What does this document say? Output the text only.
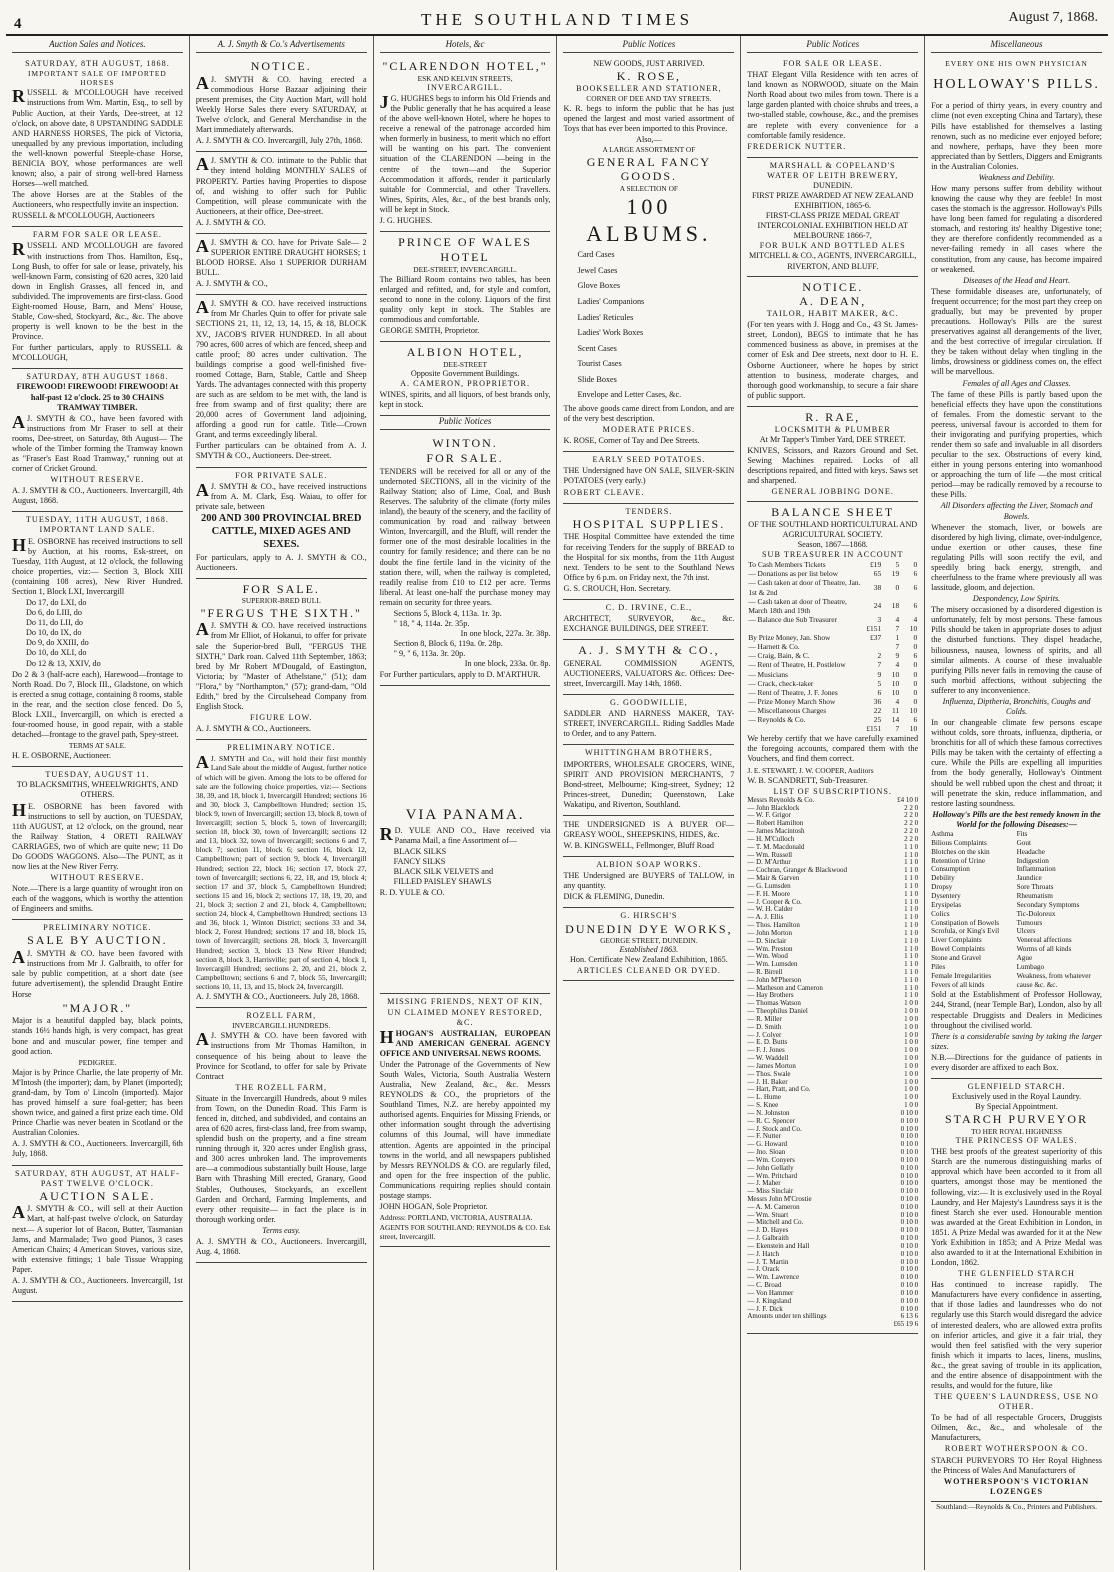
4	THE SOUTHLAND TIMES	August 7, 1868.
Auction Sales and Notices.
SATURDAY, 8TH AUGUST, 1868.
IMPORTANT SALE OF IMPORTED HORSES

RUSSELL & M'COLLOUGH have received instructions from Wm. Martin, Esq., to sell by Public Auction, at their Yards, Dee-street, at 12 o'clock, on above date, 8 UPSTANDING SADDLE AND HARNESS HORSES, The pick of Victoria, unequalled by any previous importation, including the well-known powerful Steeple-chase Horse, BENICIA BOY, whose performances are well known; also, a pair of strong well-bred Harness Horses—well matched.

The above Horses are at the Stables of the Auctioneers, who respectfully invite an inspection.

RUSSELL & M'COLLOUGH, Auctioneers

FARM FOR SALE OR LEASE.

RUSSELL AND M'COLLOUGH are favored with instructions from Thos. Hamilton, Esq., Long Bush, to offer for sale or lease, privately, his well-known Farm, consisting of 620 acres, 320 laid down in English Grasses, all fenced in, and subdivided. The improvements are first-class. Good Eight-roomed House, Barn, and Mens' House, Stable, Cow-shed, Stockyard, &c., &c. The above property is well known to be the best in the Province.

For further particulars, apply to RUSSELL & M'COLLOUGH,

SATURDAY, 8TH AUGUST 1868.
FIREWOOD! FIREWOOD! FIREWOOD! At half-past 12 o'clock. 25 to 30 CHAINS TRAMWAY TIMBER.

A J. SMYTH & CO., have been favored with instructions from Mr Fraser to sell at their rooms, Dee-street, on Saturday, 8th August— The whole of the Timber forming the Tramway known as "Fraser's East Road Tramway," running out at corner of Cricket Ground.

WITHOUT RESERVE.

A. J. SMYTH & CO., Auctioneers. Invercargill, 4th August, 1868.

TUESDAY, 11TH AUGUST, 1868.
IMPORTANT LAND SALE.

H E. OSBORNE has received instructions to sell by Auction, at his rooms, Esk-street, on Tuesday, 11th August, at 12 o'clock, the following choice properties, viz:— Section 3, Block XIII (containing 108 acres), New River Hundred. Section 1, Block LXI, Invercargill

Do 17, do LXI, do
Do 6, do LIII, do
Do 11, do LII, do
Do 10, do IX, do
Do 9, do XXIII, do
Do 10, do XLI, do
Do 12 & 13, XXIV, do

Do 2 & 3 (half-acre each), Harewood—frontage to North Road. Do 7, Block III., Gladstone, on which is erected a snug cottage, containing 8 rooms, stable in the rear, and the section close fenced. Do 5, Block LXII., Invercargill, on which is erected a four-roomed house, in good repair, with a stable detached—frontage to the gravel path, Spey-street.

TERMS AT SALE.

H. E. OSBORNE, Auctioneer.

TUESDAY, AUGUST 11.
TO BLACKSMITHS, WHEELWRIGHTS, AND OTHERS.

H E. OSBORNE has been favored with instructions to sell by auction, on TUESDAY, 11th AUGUST, at 12 o'clock, on the ground, near the Railway Station, 4 ORETI RAILWAY CARRIAGES, two of which are quite new; 11 Do Do GOODS WAGGONS. Also—The PUNT, as it now lies at the New River Ferry.

WITHOUT RESERVE.

Note.—There is a large quantity of wrought iron on each of the waggons, which is worthy the attention of Engineers and smiths.

PRELIMINARY NOTICE.
SALE BY AUCTION.

A J. SMYTH & CO. have been favored with instructions from Mr J. Galbraith, to offer for sale by public competition, at a short date (see future advertisement), the splendid Draught Entire Horse

"MAJOR."

Major is a beautiful dappled bay, black points, stands 16½ hands high, is very compact, has great bone and and muscular power, fine temper and good action.

PEDIGREE.

Major is by Prince Charlie, the late property of Mr. M'Intosh (the importer); dam, by Planet (imported); grand-dam, by Tom o' Lincoln (imported). Major has proved himself a sure foal-getter; has been shown twice, and gained a first prize each time. Old Prince Charlie was never beaten in Scotland or the Australian Colonies.

A. J. SMYTH & CO., Auctioneers. Invercargill, 6th July, 1868.

SATURDAY, 8TH AUGUST, AT HALF-PAST TWELVE O'CLOCK.
AUCTION SALE.

A J. SMYTH & CO., will sell at their Auction Mart, at half-past twelve o'clock, on Saturday next— A superior lot of Bacon, Butter, Tasmanian Jams, and Marmalade; Two good Pianos, 3 cases American Chairs; 4 American Stoves, various size, with extensive fittings; 1 bale Tissue Wrapping Paper.

A. J. SMYTH & CO., Auctioneers. Invercargill, 1st August.

A. J. Smyth & Co.'s Advertisements
NOTICE.

A J. SMYTH & CO. having erected a commodious Horse Bazaar adjoining their present premises, the City Auction Mart, will hold Weekly Horse Sales there every SATURDAY, at Twelve o'clock, and General Merchandise in the Mart immediately afterwards.

A. J. SMYTH & CO. Invercargill, July 27th, 1868.

A J. SMYTH & CO. intimate to the Public that they intend holding MONTHLY SALES of PROPERTY. Parties having Properties to dispose of, and wishing to offer such for Public Competition, will please communicate with the Auctioneers, at their office, Dee-street.

A. J. SMYTH & CO.

A J. SMYTH & CO. have for Private Sale— 2 SUPERIOR ENTIRE DRAUGHT HORSES; 1 BLOOD HORSE. Also 1 SUPERIOR DURHAM BULL.

A. J. SMYTH & CO.,

A J. SMYTH & CO. have received instructions from Mr Charles Quin to offer for private sale SECTIONS 21, 11, 12, 13, 14, 15, & 18, BLOCK XV., JACOB'S RIVER HUNDRED. In all about 790 acres, 600 acres of which are fenced, sheep and cattle proof; 80 acres under cultivation. The buildings comprise a good well-finished five-roomed Cottage, Barn, Stable, Cattle and Sheep Yards. The advantages connected with this property are such as are seldom to be met with, the land is free from swamp and of first quality; there are 20,000 acres of Government land adjoining, affording a good run for cattle. Title—Crown Grant, and terms exceedingly liberal.

Further particulars can be obtained from A. J. SMYTH & CO., Auctioneers. Dee-street.

FOR PRIVATE SALE.

A J. SMYTH & CO., have received instructions from A. M. Clark, Esq. Waiau, to offer for private sale, between

200 AND 300 PROVINCIAL BRED CATTLE, MIXED AGES AND SEXES.

For particulars, apply to A. J. SMYTH & CO., Auctioneers.

FOR SALE.
SUPERIOR-BRED BULL
"FERGUS THE SIXTH."

A J. SMYTH & CO. have received instructions from Mr Elliot, of Hokanui, to offer for private sale the Superior-bred Bull, "FERGUS THE SIXTH," Dark roan. Calved 11th September, 1863; bred by Mr Robert M'Dougald, of Eastington, Victoria; by "Master of Athelstane," (51); dam "Flora," by "Northampton," (57); grand-dam, "Old Edith," bred by the Circulsehead Company from English Stock.

FIGURE LOW.

A. J. SMYTH & CO., Auctioneers.

PRELIMINARY NOTICE.

A J. SMYTH and Co., will hold their first monthly Land Sale about the middle of August, further notice of which will be given. Among the lots to be offered for sale are the following choice properties, viz:— Sections 38, 39, and 18, block 1, Invercargill Hundred; sections 16 and 30, block 3, Campbelltown Hundred; section 15, block 9, town of Invercargill; section 13, block 8, town of Invercargill; section 5, block 5, town of Invercargill; section 18, block 30, town of Invercargill; sections 12 and 13, block 32, town of Invercargill; sections 6 and 7, block 7; section 11, block 6; section 16, block 12, Campbelltown; part of section 9, block 4, Invercargill Hundred; section 22, block 16; section 17, block 27, town of Invercargill; sections 6, 22, 18, and 19, block 4; section 17 and 37, block 5, Campbelltown Hundred; sections 15 and 16, block 2; sections 17, 18, 19, 20, and 21, block 3; section 2 and 21, block 4, Campbelltown; section 24, block 4, Campbelltown Hundred; sections 13 and 36, block 1, Winton District; sections 33 and 34, block 2, Forest Hundred; sections 17 and 18, block 15, town of Invercargill; sections 28, block 3, Invercargill Hundred; section 3, block 13 New River Hundred; section 8, block 3, Harrisville; part of section 4, block 1, Invercargill Hundred; sections 2, 20, and 21, block 2, Campbelltown; sections 6 and 7, block 55, Invercargill; sections 10, 11, 13, and 15, block 24, Invercargill.

A. J. SMYTH & CO., Auctioneers. July 28, 1868.

ROZELL FARM,
INVERCARGILL HUNDREDS.

A J. SMYTH & CO. have been favored with instructions from Mr Thomas Hamilton, in consequence of his being about to leave the Province for Scotland, to offer for sale by Private Contract

THE ROZELL FARM,

Situate in the Invercargill Hundreds, about 9 miles from Town, on the Dunedin Road. This Farm is fenced in, ditched, and subdivided, and contains an area of 620 acres, first-class land, free from swamp, splendid bush on the property, and a fine stream running through it, 320 acres under English grass, and 300 acres unbroken land. The improvements are—a commodious substantially built House, large Barn with Thrashing Mill erected, Granary, Good Stables, Outhouses, Stockyards, an excellent Garden and Orchard, Farming Implements, and every other requisite— in fact the place is in thorough working order.

Terms easy.

A. J. SMYTH & CO., Auctioneers. Invercargill, Aug. 4, 1868.

Hotels, &c
"CLARENDON HOTEL,"
ESK AND KELVIN STREETS,
INVERCARGILL.

J G. HUGHES begs to inform his Old Friends and the Public generally that he has acquired a lease of the above well-known Hotel, where he hopes to receive a renewal of the patronage accorded him when formerly in business, to merit which no effort will be wanting on his part. The convenient situation of the CLARENDON —being in the centre of the town—and the Superior Accommodation it affords, render it particularly suitable for Commercial, and other Travellers. Wines, Spirits, Ales, &c., of the best brands only, will be kept in Stock.

J. G. HUGHES.

PRINCE OF WALES HOTEL
DEE-STREET, INVERCARGILL.

The Billiard Room contains two tables, has been enlarged and refitted, and, for style and comfort, second to none in the colony. Liquors of the first quality only kept in stock. The Stables are commodious and comfortable.

GEORGE SMITH, Proprietor.

ALBION HOTEL,
DEE-STREET
Opposite Government Buildings.
A. CAMERON, PROPRIETOR.

WINES, spirits, and all liquors, of best brands only, kept in stock.

Public Notices
WINTON.
FOR SALE.

TENDERS will be received for all or any of the undernoted SECTIONS, all in the vicinity of the Railway Station; also of Lime, Coal, and Bush Reserves. The salubrity of the climate (forty miles inland), the beauty of the scenery, and the facility of communication by road and railway between Winton, Invercargill, and the Bluff, will render the former one of the most desirable localities in the country for family residence; and there can be no doubt the fine fertile land in the vicinity of the station there, will, when the railway is completed, readily realise from £10 to £12 per acre. Terms liberal. At least one-half the purchase money may remain on security for three years.

Sections 5, Block 4, 113a. 1r. 3p.
" 18, " 4, 114a. 2r. 35p.
In one block, 227a. 3r. 38p.
Section 8, Block 6, 119a. 0r. 28p.
" 9, " 6, 113a. 3r. 20p.
In one block, 233a. 0r. 8p.

For Further particulars, apply to D. M'ARTHUR.

VIA PANAMA.

R D. YULE AND CO., Have received via Panama Mail, a fine Assortment of—

BLACK SILKS
FANCY SILKS
BLACK SILK VELVETS and
FILLED PAISLEY SHAWLS

R. D. YULE & CO.

MISSING FRIENDS, NEXT OF KIN, UN CLAIMED MONEY RESTORED, &C.

HHOGAN'S AUSTRALIAN, EUROPEAN AND AMERICAN GENERAL AGENCY OFFICE AND UNIVERSAL NEWS ROOMS.

Under the Patronage of the Governments of New South Wales, Victoria, South Australia Western Australia, New Zealand, &c., &c. Messrs REYNOLDS & CO., the proprietors of the Southland Times, N.Z. are hereby appointed my authorised agents. Enquiries for Missing Friends, or other information sought through the advertising columns of this Journal, will have immediate attention. Agents are appointed in the principal towns in the world, and all newspapers published by Messrs REYNOLDS & CO. are regularly filed, and open for the free inspection of the public. Communications requiring replies should contain postage stamps.

JOHN HOGAN, Sole Proprietor.

Address: PORTLAND, VICTORIA, AUSTRALIA.

AGENTS FOR SOUTHLAND: REYNOLDS & CO. Esk street, Invercargill.

Public Notices
NEW GOODS, JUST ARRIVED.
K. ROSE,
BOOKSELLER AND STATIONER,
CORNER OF DEE AND TAY STREETS.

K. R. begs to inform the public that he has just opened the largest and most varied assortment of Toys that has ever been imported to this Province.

Also,—
A LARGE ASSORTMENT OF
GENERAL FANCY GOODS.
A SELECTION OF
100 ALBUMS.
Card Cases
Jewel Cases
Glove Boxes
Ladies' Companions
Ladies' Reticules
Ladies' Work Boxes
Scent Cases
Tourist Cases
Slide Boxes
Envelope and Letter Cases, &c.

The above goods came direct from London, and are of the very best description.

MODERATE PRICES.

K. ROSE, Corner of Tay and Dee Streets.

EARLY SEED POTATOES.

THE Undersigned have ON SALE, SILVER-SKIN POTATOES (very early.)

ROBERT CLEAVE.

TENDERS.
HOSPITAL SUPPLIES.

THE Hospital Committee have extended the time for receiving Tenders for the supply of BREAD to the Hospital for six months, from the 11th August next. Tenders to be sent to the Southland News Office by 6 p.m. on Friday next, the 7th inst.

G. S. CROUCH, Hon. Secretary.

C. D. IRVINE, C.E.,

ARCHITECT, SURVEYOR, &c., &c. EXCHANGE BUILDINGS, DEE STREET.

A. J. SMYTH & CO.,

GENERAL COMMISSION AGENTS, AUCTIONEERS, VALUATORS &c. Offices: Dee-street, Invercargill. May 14th, 1868.

G. GOODWILLIE,

SADDLER AND HARNESS MAKER, TAY-STREET, INVERCARGILL. Riding Saddles Made to Order, and to any Pattern.

WHITTINGHAM BROTHERS,

IMPORTERS, WHOLESALE GROCERS, WINE, SPIRIT AND PROVISION MERCHANTS, 7 Bond-street, Melbourne; King-street, Sydney; 12 Princes-street, Dunedin; Queenstown, Lake Wakatipu, and Riverton, Southland.

THE UNDERSIGNED IS A BUYER OF— GREASY WOOL, SHEEPSKINS, HIDES, &c.

W. B. KINGSWELL, Fellmonger, Bluff Road

ALBION SOAP WORKS.

THE Undersigned are BUYERS of TALLOW, in any quantity.

DICK & FLEMING, Dunedin.

G. HIRSCH'S
DUNEDIN DYE WORKS,
GEORGE STREET, DUNEDIN.
Established 1863.
Hon. Certificate New Zealand Exhibition, 1865.
ARTICLES CLEANED OR DYED.
Public Notices
FOR SALE OR LEASE.

THAT Elegant Villa Residence with ten acres of land known as NORWOOD, situate on the Main North Road about two miles from town. There is a large garden planted with choice shrubs and trees, a two-stalled stable, cowhouse, &c., and the premises are replete with every convenience for a comfortable family residence.

FREDERICK NUTTER.

MARSHALL & COPELAND'S
WATER OF LEITH BREWERY,
DUNEDIN.
FIRST PRIZE AWARDED AT NEW ZEALAND EXHIBITION, 1865-6.
FIRST-CLASS PRIZE MEDAL GREAT INTERCOLONIAL EXHIBITION HELD AT MELBOURNE 1866-7,
FOR BULK AND BOTTLED ALES
MITCHELL & CO., AGENTS, INVERCARGILL, RIVERTON, AND BLUFF.
NOTICE.
A. DEAN,
TAILOR, HABIT MAKER, &C.

(For ten years with J. Hogg and Co., 43 St. James-street, London), BEGS to intimate that he has commenced business as above, in premises at the corner of Esk and Dee streets, next door to H. E. Osborne Auctioneer, where he hopes by strict attention to business, moderate charges, and thorough good workmanship, to secure a fair share of public support.

R. RAE,
LOCKSMITH & PLUMBER
At Mr Tapper's Timber Yard, DEE STREET.

KNIVES, Scissors, and Razors Ground and Set. Sewing Machines repaired. Locks of all descriptions repaired, and fitted with keys. Saws set and sharpened.

GENERAL JOBBING DONE.
BALANCE SHEET
OF THE SOUTHLAND HORTICULTURAL AND AGRICULTURAL SOCIETY.
Season, 1867—1868.
SUB TREASURER IN ACCOUNT
To Cash Members Tickets	£19	5	0
— Donations as per list below	65	19	6
— Cash taken at door of Theatre, Jan. 1st & 2nd	38	0	6
— Cash taken at door of Theatre, March 18th and 19th	24	18	6
— Balance due Sub Treasurer	3	4	4
	£151	7	10
By Prize Money, Jan. Show	£37	1	0
— Harnett & Co.		7	0
— Craig, Bain, & C.	2	9	6
— Rent of Theatre, H. Postlelow	7	4	0
— Musicians	9	10	0
— Crack, check-taker	5	10	0
— Rent of Theatre, J. F. Jones	6	10	0
— Prize Money March Show	36	4	0
— Miscellaneous Charges	22	11	10
— Reynolds & Co.	25	14	6
	£151	7	10

We hereby certify that we have carefully examined the foregoing accounts, compared them with the Vouchers, and find them correct.

J. E. STEWART, J. W. COOPER, Auditors

W. B. SCANDRETT, Sub-Treasurer.

LIST OF SUBSCRIPTIONS.
Messrs Reynolds & Co.	£4 10 0
— John Blacklock	2 2 0
— W. F. Grigor	2 2 0
— Robert Hamilton	2 2 0
— James Macintosh	2 2 0
— H. M'Culloch	2 2 0
— T. M. Macdonald	1 1 0
— Wm. Russell	1 1 0
— D. M'Arthur	1 1 0
— Cochran, Granger & Blackwood	1 1 0
— Mair & Garven	1 1 0
— G. Lumsden	1 1 0
— F. H. Moore	1 1 0
— J. Cooper & Co.	1 1 0
— W. H. Calder	1 1 0
— A. J. Ellis	1 1 0
— Thos. Hamilton	1 1 0
— John Morton	1 1 0
— D. Sinclair	1 1 0
— Wm. Preston	1 1 0
— Wm. Wood	1 1 0
— Wm. Lumsden	1 1 0
— R. Birrell	1 1 0
— John M'Pherson	1 1 0
— Matheson and Cameron	1 1 0
— Hay Brothers	1 1 0
— Thomas Watson	1 0 0
— Theophilus Daniel	1 0 0
— R. Miller	1 0 0
— D. Smith	1 0 0
— J. Colyer	1 0 0
— E. D. Butts	1 0 0
— F. J. Jones	1 0 0
— W. Waddell	1 0 0
— James Morton	1 0 0
— Thos. Swale	1 0 0
— J. H. Baker	1 0 0
— Hart, Pratt, and Co.	1 0 0
— L. Hume	1 0 0
— S. Knee	1 0 0
— N. Johnston	0 10 0
— R. C. Spencer	0 10 0
— J. Stock and Co.	0 10 0
— F. Nutter	0 10 0
— G. Howard	0 10 0
— Jno. Sloan	0 10 0
— Wm. Conyers	0 10 0
— John Gellatly	0 10 0
— Wm. Pritchard	0 10 0
— J. Maher	0 10 0
— Miss Sinclair	0 10 0
Messrs John M'Crostie	0 10 0
— A. M. Cameron	0 10 0
— Wm. Stuart	0 10 0
— Mitchell and Co.	0 10 0
— J. D. Hayes	0 10 0
— J. Galbraith	0 10 0
— Ekenstein and Hall	0 10 0
— J. Hatch	0 10 0
— J. T. Martin	0 10 0
— J. Orack	0 10 0
— Wm. Lawrence	0 10 0
— C. Broad	0 10 0
— Von Hammer	0 10 0
— J. Kingsland	0 10 0
— J. F. Dick	0 10 0
Amounts under ten shillings	6 13 6
£65 19 6
Miscellaneous
EVERY ONE HIS OWN PHYSICIAN
HOLLOWAY'S PILLS.

For a period of thirty years, in every country and clime (not even excepting China and Tartary), these Pills have established for themselves a lasting renown, such as no medicine ever enjoyed before; and nowhere, perhaps, have they been more appreciated than by Settlers, Diggers and Emigrants in the Australian Colonies.

Weakness and Debility.

How many persons suffer from debility without knowing the cause why they are feeble! In most cases the stomach is the aggressor. Holloway's Pills have long been famed for regulating a disordered stomach, and restoring its' healthy Digestive tone; they are therefore confidently recommended as a never-failing remedy in all cases where the constitution, from any cause, has become impaired or weakened.

Diseases of the Head and Heart.

These formidable diseases are, unfortunately, of frequent occurrence; for the most part they creep on gradually, but may be prevented by proper precautions. Holloway's Pills are the surest preservatives against all derangements of the liver, and the best corrective of irregular circulation. If they be taken without delay when tingling in the limbs, drowsiness or giddiness comes on, the effect will be marvellous.

Females of all Ages and Classes.

The fame of these Pills is partly based upon the beneficial effects they have upon the constitutions of females. From the domestic servant to the peeress, universal favour is accorded to them for their invigorating and purifying properties, which render them so safe and invaluable in all disorders peculiar to the sex. Obstructions of every kind, either in young persons entering into womanhood or approaching the turn of life —the most critical period—may be radically removed by a recourse to these Pills.

All Disorders affecting the Liver, Stomach and Bowels.

Whenever the stomach, liver, or bowels are disordered by high living, climate, over-indulgence, undue exertion or other causes, these fine regulating Pills will soon rectify the evil, and speedily bring back energy, strength, and cheerfulness to the frame where previously all was lassitude, gloom, and dejection.

Despondency, Low Spirits.

The misery occasioned by a disordered digestion is unfortunately, felt by most persons. These famous Pills should be taken in appropriate doses to adjust the disturbed functions. They dispel headache, biliousness, nausea, lowness of spirits, and all similar ailments. A course of these invaluable purifying Pills never fails in removing the cause of such morbid affections, without subjecting the sufferer to any inconvenience.

Influenza, Diptheria, Bronchitis, Coughs and Colds.

In our changeable climate few persons escape without colds, sore throats, influenza, diptheria, or bronchitis for all of which these famous correctives Pills may be taken with the certainty of effecting a cure. While the Pills are expelling all impurities from the body generally, Holloway's Ointment should be well rubbed upon the chest and throat; it will penetrate the skin, reduce inflammation, and restore lasting soundness.

Holloway's Pills are the best remedy known in the World for the following Diseases:—
Asthma
Bilious Complaints
Blotches on the skin
Retention of Urine
Consumption
Debility
Dropsy
Dysentery
Erysipelas
Colics
Constipation of Bowels
Scrofula, or King's Evil
Liver Complaints
Bowel Complaints
Stone and Gravel
Piles
Female Irregularities
Fevers of all kinds
Fits
Gout
Headache
Indigestion
Inflammation
Jaundice
Sore Throats
Rheumatism
Secondary Symptoms
Tic-Doloreux
Tumours
Ulcers
Venereal affections
Worms of all kinds
Ague
Lumbago
Weakness, from whatever cause &c. &c.

Sold at the Establishment of Professor Holloway, 244, Strand, (near Temple Bar), London, also by all respectable Druggists and Dealers in Medicines throughout the civilised world.

There is a considerable saving by taking the larger sizes.

N.B.—Directions for the guidance of patients in every disorder are affixed to each Box.

GLENFIELD STARCH.
Exclusively used in the Royal Laundry.
By Special Appointment.
STARCH PURVEYOR
TO HER ROYAL HIGHNESS
THE PRINCESS OF WALES.

THE best proofs of the greatest superiority of this Starch are the numerous distinguishing marks of approval which have been accorded to it from all quarters, amongst those may be mentioned the following, viz:— It is exclusively used in the Royal Laundry, and Her Majesty's Laundress says it is the finest Starch she ever used. Honourable mention was awarded at the Great Exhibition in London, in 1851. A Prize Medal was awarded for it at the New York Exhibition in 1853; and A Prize Medal was also awarded to it at the International Exhibition in London, 1862.

THE GLENFIELD STARCH

Has continued to increase rapidly. The Manufacturers have every confidence in asserting, that if those ladies and laundresses who do not regularly use this Starch would disregard the advice of interested dealers, who are allowed extra profits on inferior articles, and give it a fair trial, they would then feel satisfied with the very superior finish which it imparts to laces, linens, muslins, &c., the great saving of trouble in its application, and the entire absence of disappointment with the results, and would for the future, like

THE QUEEN'S LAUNDRESS, USE NO OTHER.

To be had of all respectable Grocers, Druggists Oilmen, &c., &c., and wholesale of the Manufacturers,

ROBERT WOTHERSPOON & CO.

STARCH PURVEYORS TO Her Royal Highness the Princess of Wales And Manufacturers of

WOTHERSPOON'S VICTORIAN LOZENGES
Southland:—Reynolds & Co., Printers and Publishers.
